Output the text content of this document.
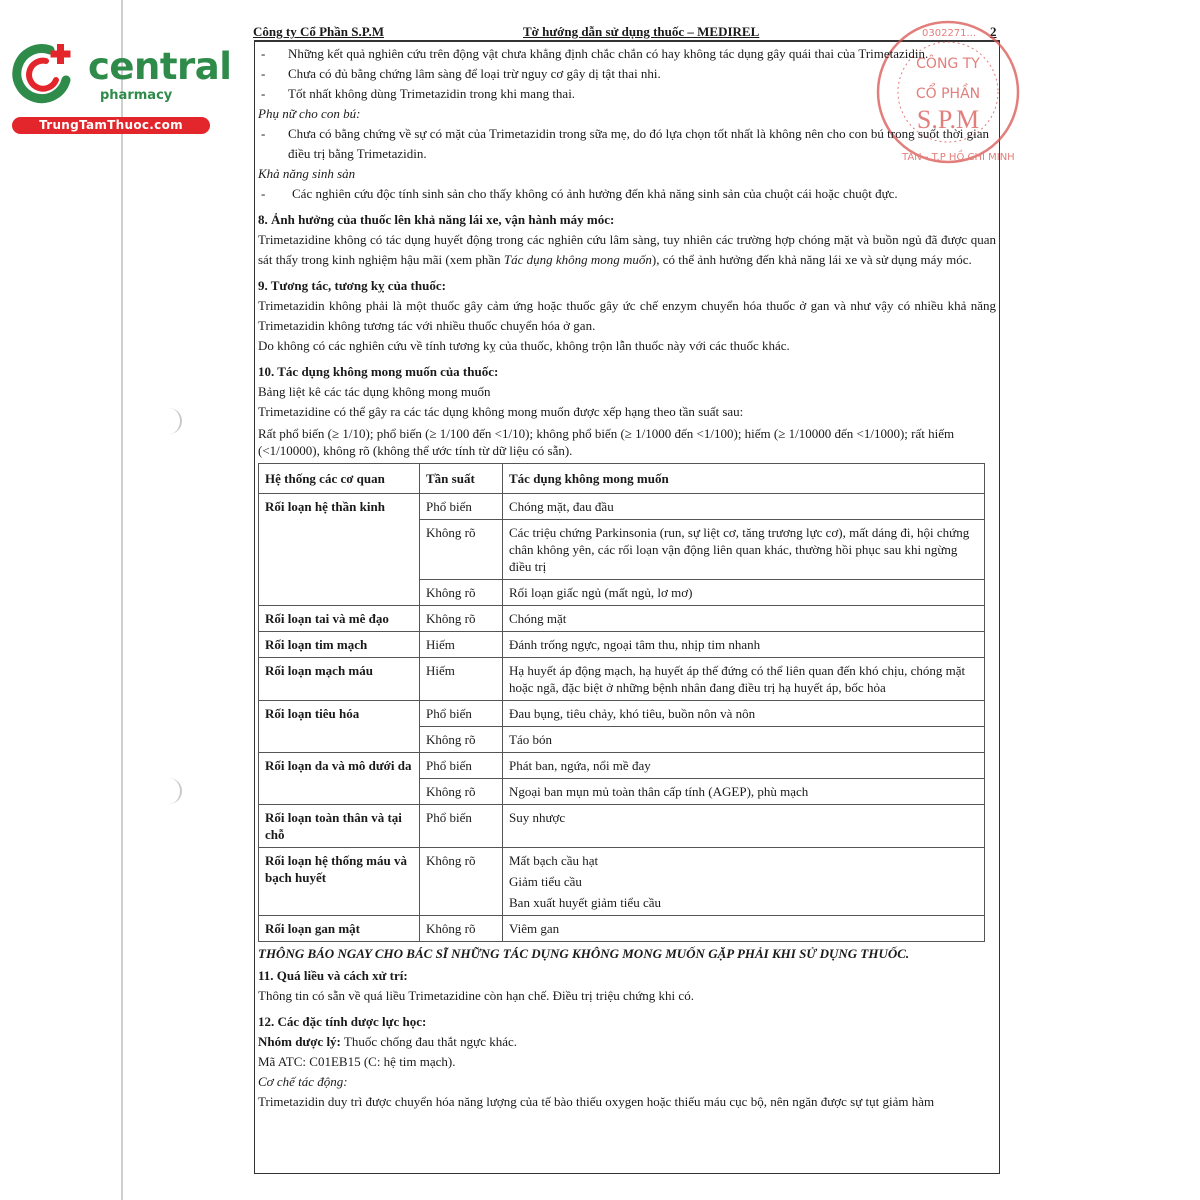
central
pharmacy
TrungTamThuoc.com
Công ty Cổ Phần S.P.M	Tờ hướng dẫn sử dụng thuốc – MEDIREL	2
CÔNG TY
CỔ PHẦN
S.P.M
0302271...
TÂN - T.P HỒ CHÍ MINH
- Những kết quả nghiên cứu trên động vật chưa khẳng định chắc chắn có hay không tác dụng gây quái thai của Trimetazidin.
- Chưa có đủ bằng chứng lâm sàng để loại trừ nguy cơ gây dị tật thai nhi.
- Tốt nhất không dùng Trimetazidin trong khi mang thai.
Phụ nữ cho con bú:
- Chưa có bằng chứng về sự có mặt của Trimetazidin trong sữa mẹ, do đó lựa chọn tốt nhất là không nên cho con bú trong suốt thời gian điều trị bằng Trimetazidin.
Khả năng sinh sản
- Các nghiên cứu độc tính sinh sản cho thấy không có ảnh hưởng đến khả năng sinh sản của chuột cái hoặc chuột đực.
8. Ảnh hưởng của thuốc lên khả năng lái xe, vận hành máy móc:
Trimetazidine không có tác dụng huyết động trong các nghiên cứu lâm sàng, tuy nhiên các trường hợp chóng mặt và buồn ngủ đã được quan sát thấy trong kinh nghiệm hậu mãi (xem phần Tác dụng không mong muốn), có thể ảnh hưởng đến khả năng lái xe và sử dụng máy móc.
9. Tương tác, tương kỵ của thuốc:
Trimetazidin không phải là một thuốc gây cảm ứng hoặc thuốc gây ức chế enzym chuyển hóa thuốc ở gan và như vậy có nhiều khả năng Trimetazidin không tương tác với nhiều thuốc chuyển hóa ở gan.
Do không có các nghiên cứu về tính tương kỵ của thuốc, không trộn lẫn thuốc này với các thuốc khác.
10. Tác dụng không mong muốn của thuốc:
Bảng liệt kê các tác dụng không mong muốn
Trimetazidine có thể gây ra các tác dụng không mong muốn được xếp hạng theo tần suất sau:
Rất phổ biến (≥ 1/10); phổ biến (≥ 1/100 đến <1/10); không phổ biến (≥ 1/1000 đến <1/100); hiếm (≥ 1/10000 đến <1/1000); rất hiếm (<1/10000), không rõ (không thể ước tính từ dữ liệu có sẵn).
Hệ thống các cơ quan	Tần suất	Tác dụng không mong muốn
Rối loạn hệ thần kinh	Phổ biến	Chóng mặt, đau đầu
	Không rõ	Các triệu chứng Parkinsonia (run, sự liệt cơ, tăng trương lực cơ), mất dáng đi, hội chứng chân không yên, các rối loạn vận động liên quan khác, thường hồi phục sau khi ngừng điều trị
	Không rõ	Rối loạn giấc ngủ (mất ngủ, lơ mơ)
Rối loạn tai và mê đạo	Không rõ	Chóng mặt
Rối loạn tim mạch	Hiếm	Đánh trống ngực, ngoại tâm thu, nhịp tim nhanh
Rối loạn mạch máu	Hiếm	Hạ huyết áp động mạch, hạ huyết áp thế đứng có thể liên quan đến khó chịu, chóng mặt hoặc ngã, đặc biệt ở những bệnh nhân đang điều trị hạ huyết áp, bốc hỏa
Rối loạn tiêu hóa	Phổ biến	Đau bụng, tiêu chảy, khó tiêu, buồn nôn và nôn
	Không rõ	Táo bón
Rối loạn da và mô dưới da	Phổ biến	Phát ban, ngứa, nổi mề đay
	Không rõ	Ngoại ban mụn mủ toàn thân cấp tính (AGEP), phù mạch
Rối loạn toàn thân và tại chỗ	Phổ biến	Suy nhược
Rối loạn hệ thống máu và bạch huyết	Không rõ	Mất bạch cầu hạt
Giảm tiểu cầu
Ban xuất huyết giảm tiểu cầu

Rối loạn gan mật	Không rõ	Viêm gan
THÔNG BÁO NGAY CHO BÁC SĨ NHỮNG TÁC DỤNG KHÔNG MONG MUỐN GẶP PHẢI KHI SỬ DỤNG THUỐC.
11. Quá liều và cách xử trí:
Thông tin có sẵn về quá liều Trimetazidine còn hạn chế. Điều trị triệu chứng khi có.
12. Các đặc tính dược lực học:
Nhóm dược lý: Thuốc chống đau thắt ngực khác.
Mã ATC: C01EB15 (C: hệ tim mạch).
Cơ chế tác động:
Trimetazidin duy trì được chuyển hóa năng lượng của tế bào thiếu oxygen hoặc thiếu máu cục bộ, nên ngăn được sự tụt giảm hàm
